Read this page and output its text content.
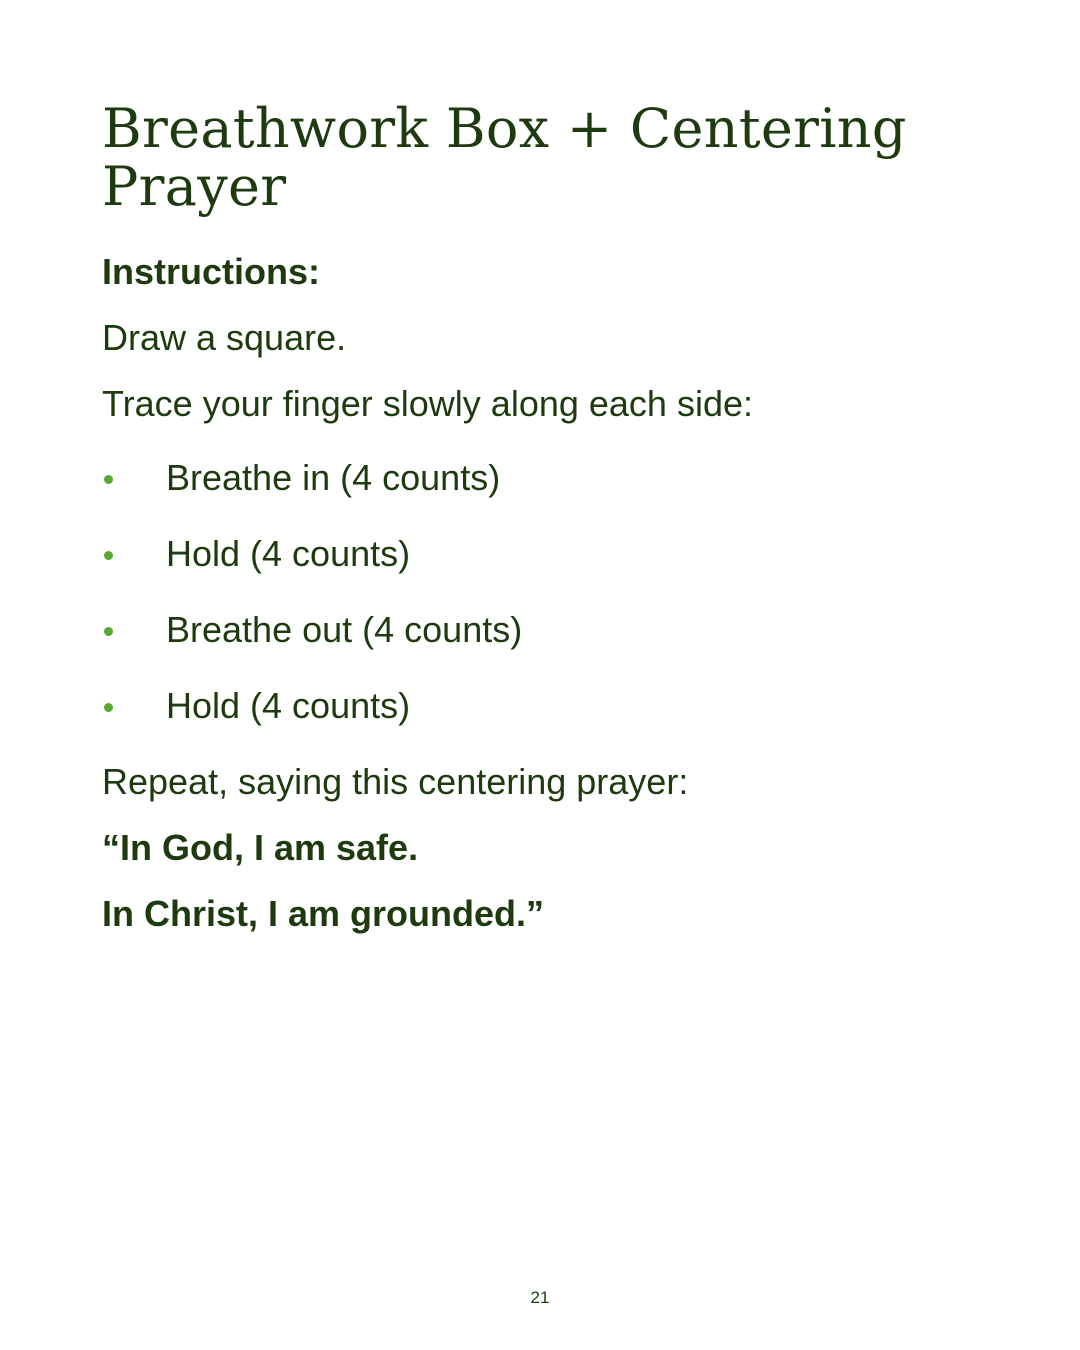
Breathwork Box + Centering
Prayer
Instructions:

Draw a square.

Trace your finger slowly along each side:

Breathe in (4 counts)
Hold (4 counts)
Breathe out (4 counts)
Hold (4 counts)

Repeat, saying this centering prayer:

“In God, I am safe.

In Christ, I am grounded.”

21
